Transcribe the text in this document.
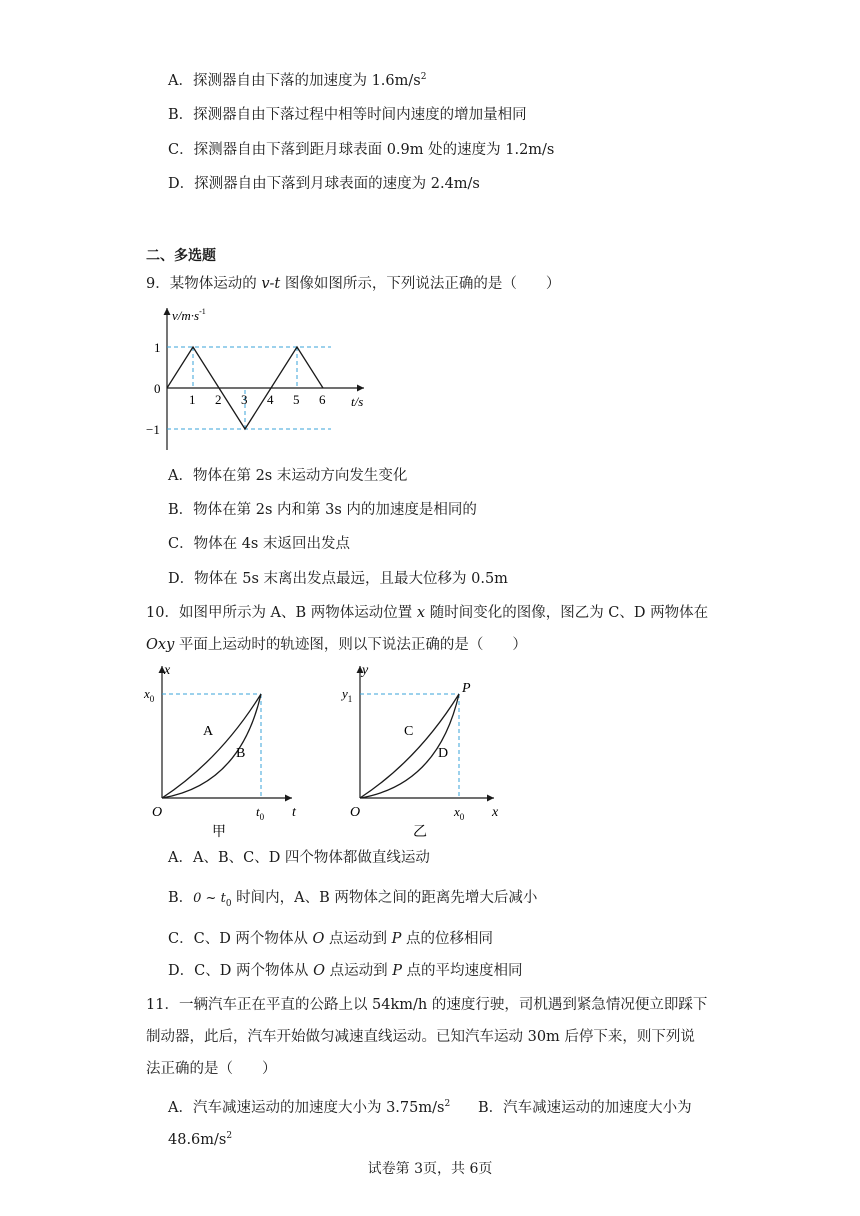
A．探测器自由下落的加速度为 $1.6m/s^2$
B．探测器自由下落过程中相等时间内速度的增加量相同
C．探测器自由下落到距月球表面 0.9m 处的速度为 1.2m/s
D．探测器自由下落到月球表面的速度为 2.4m/s
二、多选题
9．某物体运动的 v-t 图像如图所示，下列说法正确的是（　　）
1 2 3 4 5 6
$v/m\cdot s^{-1}$
t/s
1
0
−1
A．物体在第 2s 末运动方向发生变化
B．物体在第 2s 内和第 3s 内的加速度是相同的
C．物体在 4s 末返回出发点
D．物体在 5s 末离出发点最远，且最大位移为 0.5m
10．如图甲所示为 A、B 两物体运动位置 x 随时间变化的图像，图乙为 C、D 两物体在
Oxy 平面上运动时的轨迹图，则以下说法正确的是（　　）
x
t
$x_0$
$t_0$
O
A
B
甲
y
x
$y_1$
$x_0$
O
P
C
D
乙
A．A、B、C、D 四个物体都做直线运动
B．0 ~ $t_0$ 时间内，A、B 两物体之间的距离先增大后减小
C．C、D 两个物体从 O 点运动到 P 点的位移相同
D．C、D 两个物体从 O 点运动到 P 点的平均速度相同
11．一辆汽车正在平直的公路上以 54km/h 的速度行驶，司机遇到紧急情况便立即踩下
制动器，此后，汽车开始做匀减速直线运动。已知汽车运动 30m 后停下来，则下列说
法正确的是（　　）
A．汽车减速运动的加速度大小为 $3.75m/s^2$ B．汽车减速运动的加速度大小为
$48.6m/s^2$
试卷第 3页，共 6页
